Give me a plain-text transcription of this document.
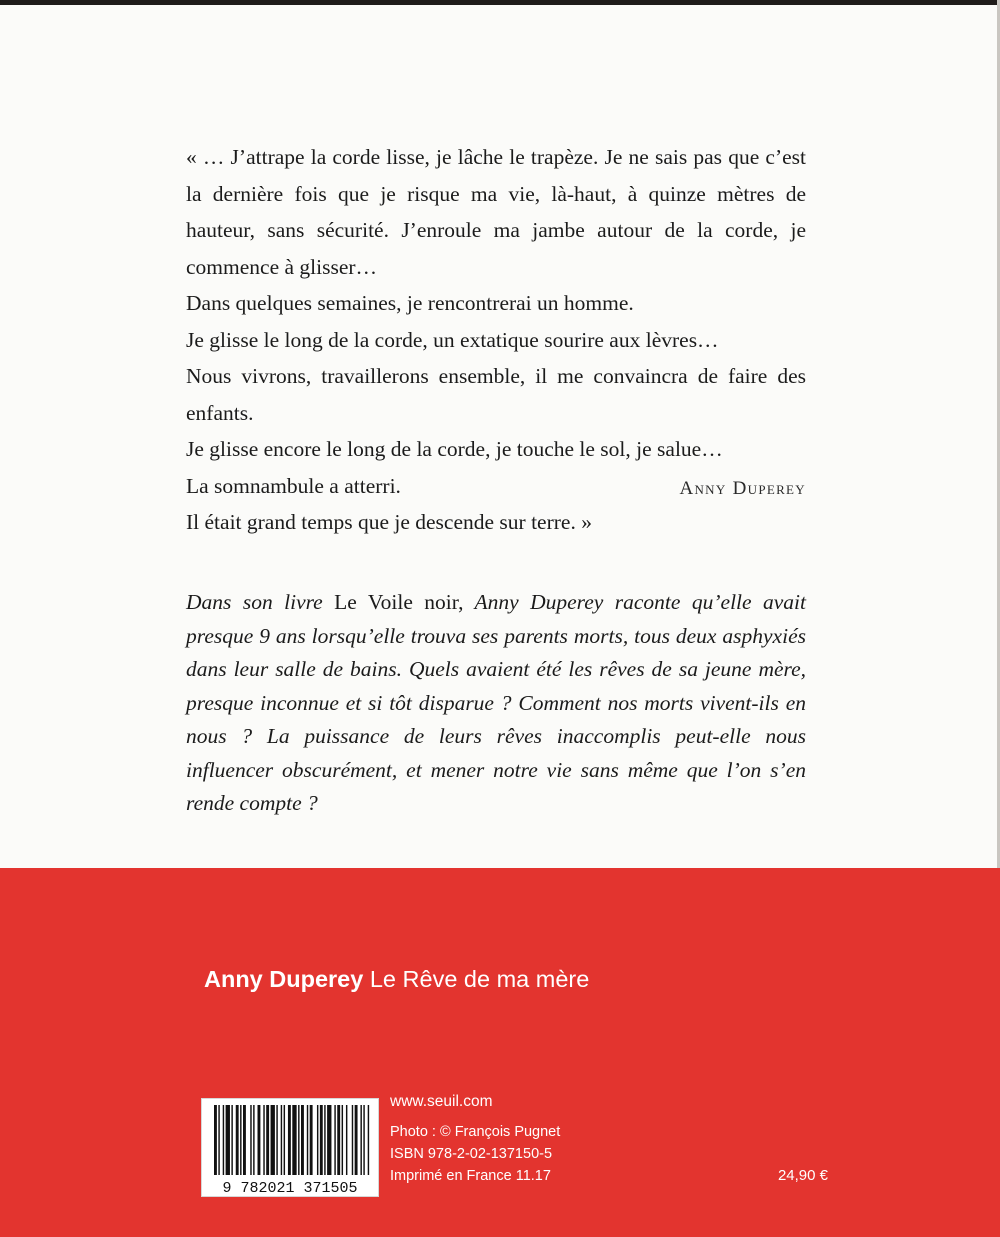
« … J’attrape la corde lisse, je lâche le trapèze. Je ne sais pas que c’est la dernière fois que je risque ma vie, là-haut, à quinze mètres de hauteur, sans sécurité. J’enroule ma jambe autour de la corde, je commence à glisser…

Dans quelques semaines, je rencontrerai un homme.

Je glisse le long de la corde, un extatique sourire aux lèvres…

Nous vivrons, travaillerons ensemble, il me convaincra de faire des enfants.

Je glisse encore le long de la corde, je touche le sol, je salue…

La somnambule a atterri.

Il était grand temps que je descende sur terre. »

Anny Duperey
Dans son livre Le Voile noir, Anny Duperey raconte qu’elle avait presque 9 ans lorsqu’elle trouva ses parents morts, tous deux asphyxiés dans leur salle de bains. Quels avaient été les rêves de sa jeune mère, presque inconnue et si tôt disparue ? Comment nos morts vivent-ils en nous ? La puissance de leurs rêves inaccomplis peut-elle nous influencer obscurément, et mener notre vie sans même que l’on s’en rende compte ?
Anny Duperey Le Rêve de ma mère
9 782021 371505
www.seuil.com
Photo : © François Pugnet
ISBN 978-2-02-137150-5
Imprimé en France 11.17	24,90 €
